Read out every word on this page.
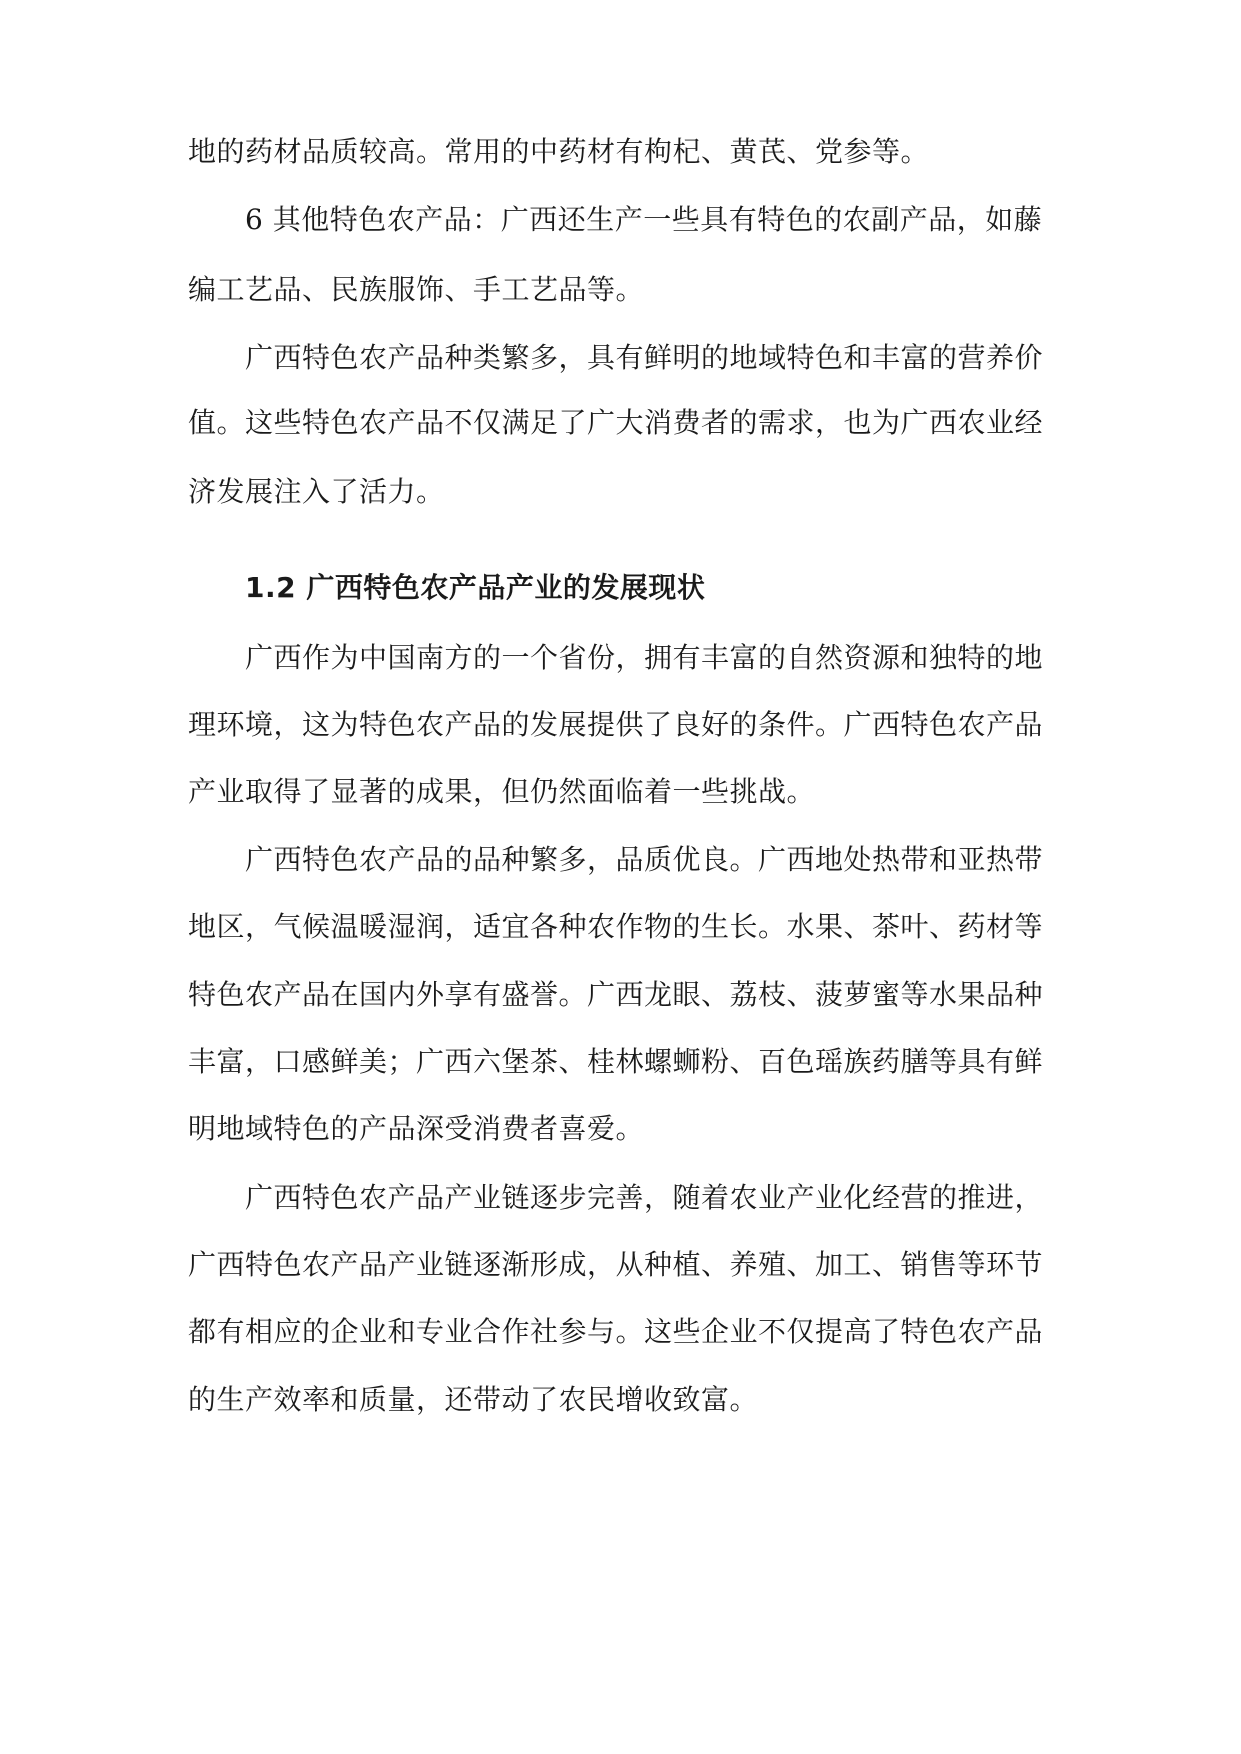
地的药材品质较高。常用的中药材有枸杞、黄芪、党参等。

6 其他特色农产品：广西还生产一些具有特色的农副产品，如藤

编工艺品、民族服饰、手工艺品等。

广西特色农产品种类繁多，具有鲜明的地域特色和丰富的营养价

值。这些特色农产品不仅满足了广大消费者的需求，也为广西农业经

济发展注入了活力。

1.2 广西特色农产品产业的发展现状

广西作为中国南方的一个省份，拥有丰富的自然资源和独特的地

理环境，这为特色农产品的发展提供了良好的条件。广西特色农产品

产业取得了显著的成果，但仍然面临着一些挑战。

广西特色农产品的品种繁多，品质优良。广西地处热带和亚热带

地区，气候温暖湿润，适宜各种农作物的生长。水果、茶叶、药材等

特色农产品在国内外享有盛誉。广西龙眼、荔枝、菠萝蜜等水果品种

丰富，口感鲜美；广西六堡茶、桂林螺蛳粉、百色瑶族药膳等具有鲜

明地域特色的产品深受消费者喜爱。

广西特色农产品产业链逐步完善，随着农业产业化经营的推进，

广西特色农产品产业链逐渐形成，从种植、养殖、加工、销售等环节

都有相应的企业和专业合作社参与。这些企业不仅提高了特色农产品

的生产效率和质量，还带动了农民增收致富。
